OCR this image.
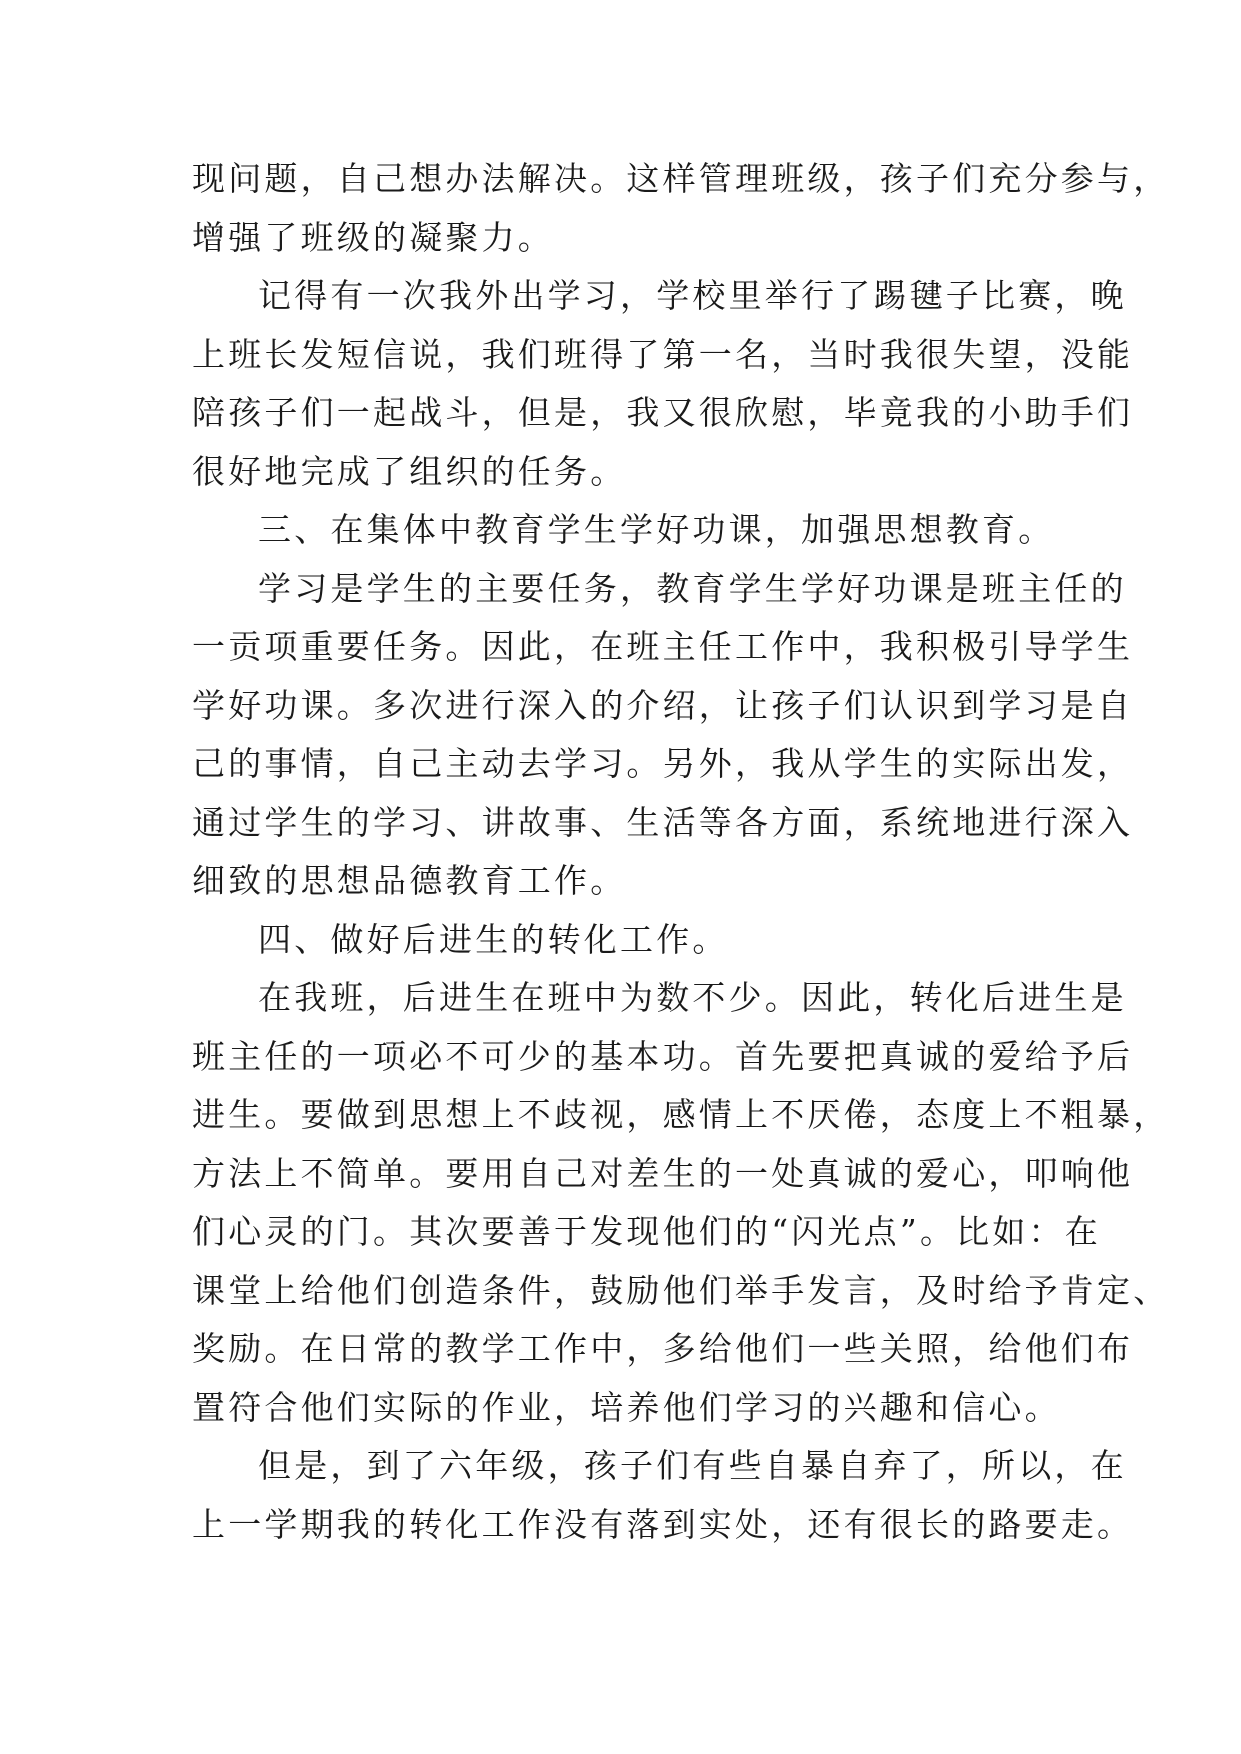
现问题，自己想办法解决。这样管理班级，孩子们充分参与，
增强了班级的凝聚力。
记得有一次我外出学习，学校里举行了踢毽子比赛，晚
上班长发短信说，我们班得了第一名，当时我很失望，没能
陪孩子们一起战斗，但是，我又很欣慰，毕竟我的小助手们
很好地完成了组织的任务。
三、在集体中教育学生学好功课，加强思想教育。
学习是学生的主要任务，教育学生学好功课是班主任的
一贡项重要任务。因此，在班主任工作中，我积极引导学生
学好功课。多次进行深入的介绍，让孩子们认识到学习是自
己的事情，自己主动去学习。另外，我从学生的实际出发，
通过学生的学习、讲故事、生活等各方面，系统地进行深入
细致的思想品德教育工作。
四、做好后进生的转化工作。
在我班，后进生在班中为数不少。因此，转化后进生是
班主任的一项必不可少的基本功。首先要把真诚的爱给予后
进生。要做到思想上不歧视，感情上不厌倦，态度上不粗暴，
方法上不简单。要用自己对差生的一处真诚的爱心，叩响他
们心灵的门。其次要善于发现他们的“闪光点”。比如：在
课堂上给他们创造条件，鼓励他们举手发言，及时给予肯定、
奖励。在日常的教学工作中，多给他们一些关照，给他们布
置符合他们实际的作业，培养他们学习的兴趣和信心。
但是，到了六年级，孩子们有些自暴自弃了，所以，在
上一学期我的转化工作没有落到实处，还有很长的路要走。
